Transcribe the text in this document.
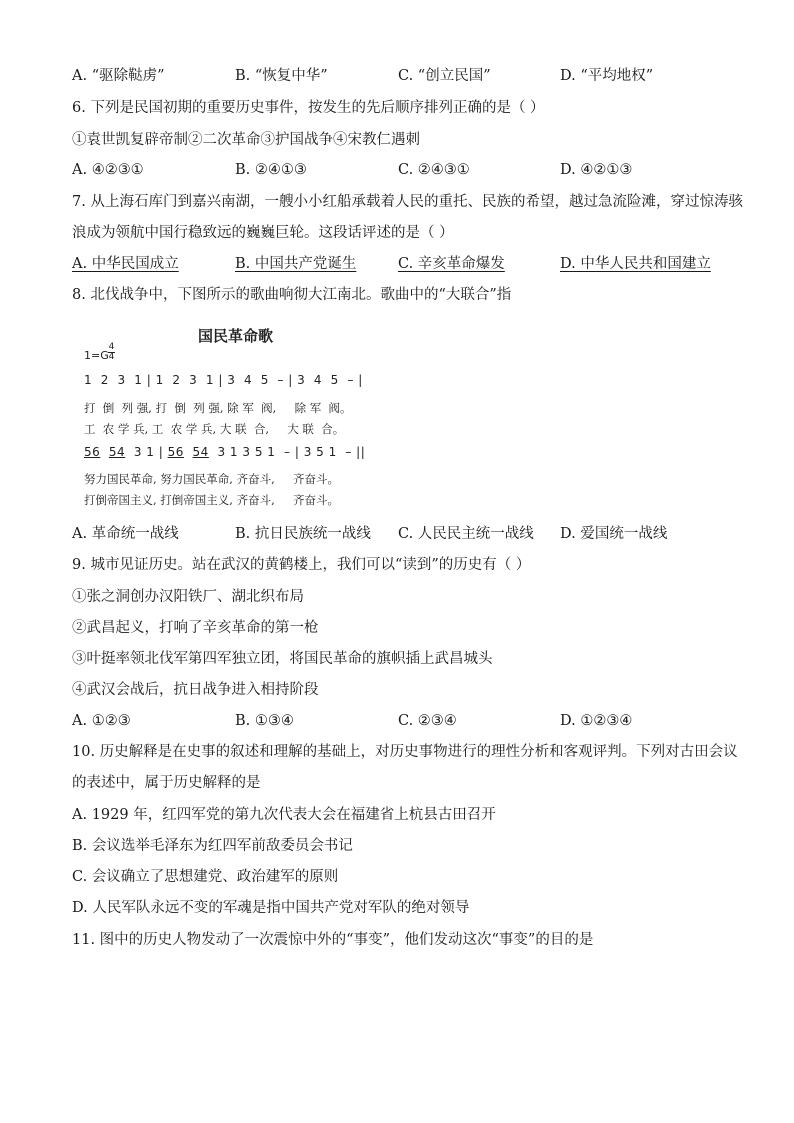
A. “驱除鞑虏”	B. “恢复中华”	C. “创立民国”	D. “平均地权”
6. 下列是民国初期的重要历史事件，按发生的先后顺序排列正确的是（ ）
①袁世凯复辟帝制②二次革命③护国战争④宋教仁遇刺
A. ④②③①	B. ②④①③	C. ②④③①	D. ④②①③
7. 从上海石库门到嘉兴南湖，一艘小小红船承载着人民的重托、民族的希望，越过急流险滩，穿过惊涛骇
浪成为领航中国行稳致远的巍巍巨轮。这段话评述的是（ ）
A. 中华民国成立	B. 中国共产党诞生	C. 辛亥革命爆发	D. 中华人民共和国建立
8. 北伐战争中，下图所示的歌曲响彻大江南北。歌曲中的“大联合”指
国民革命歌
1=G
4
4
1  2  3  1 | 1  2  3  1 | 3  4  5  – | 3  4  5  – |
打  倒  列 强, 打  倒  列 强, 除 军  阀,     除 军  阀。
工  农 学 兵, 工  农 学 兵, 大 联  合,     大 联  合。
56 54 3 1 | 56 54 3 1 3 5 1  – | 3 5 1  – ||
努力国民革命, 努力国民革命, 齐奋斗,     齐奋斗。
打倒帝国主义, 打倒帝国主义, 齐奋斗,     齐奋斗。
A. 革命统一战线	B. 抗日民族统一战线 C. 人民民主统一战线 D. 爱国统一战线
9. 城市见证历史。站在武汉的黄鹤楼上，我们可以“读到”的历史有（ ）
①张之洞创办汉阳铁厂、湖北织布局
②武昌起义，打响了辛亥革命的第一枪
③叶挺率领北伐军第四军独立团，将国民革命的旗帜插上武昌城头
④武汉会战后，抗日战争进入相持阶段
A. ①②③	B. ①③④	C. ②③④	D. ①②③④
10. 历史解释是在史事的叙述和理解的基础上，对历史事物进行的理性分析和客观评判。下列对古田会议
的表述中，属于历史解释的是
A. 1929 年，红四军党的第九次代表大会在福建省上杭县古田召开
B. 会议选举毛泽东为红四军前敌委员会书记
C. 会议确立了思想建党、政治建军的原则
D. 人民军队永远不变的军魂是指中国共产党对军队的绝对领导
11. 图中的历史人物发动了一次震惊中外的“事变”，他们发动这次“事变”的目的是
